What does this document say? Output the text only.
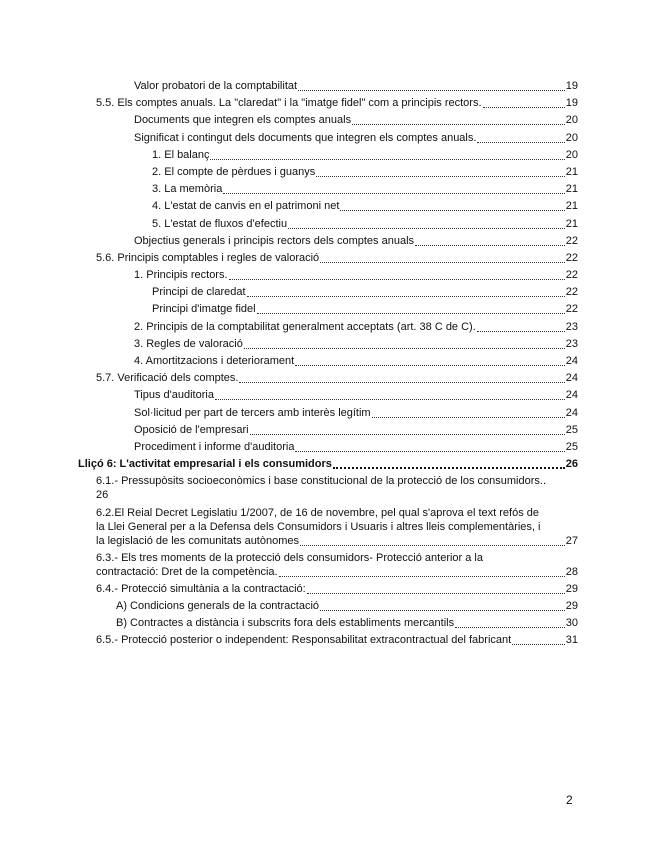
Valor probatori de la comptabilitat	19
5.5. Els comptes anuals. La "claredat" i la "imatge fidel" com a principis rectors.	19
Documents que integren els comptes anuals	20
Significat i contingut dels documents que integren els comptes anuals.	20
1. El balanç	20
2. El compte de pèrdues i guanys	21
3. La memòria	21
4. L'estat de canvis en el patrimoni net	21
5. L'estat de fluxos d'efectiu	21
Objectius generals i principis rectors dels comptes anuals	22
5.6. Principis comptables i regles de valoració	22
1. Principis rectors.	22
Principi de claredat	22
Principi d'imatge fidel	22
2. Principis de la comptabilitat generalment acceptats (art. 38 C de C).	23
3. Regles de valoració	23
4. Amortitzacions i deteriorament	24
5.7. Verificació dels comptes.	24
Tipus d'auditoria	24
Sol·licitud per part de tercers amb interès legítim	24
Oposició de l'empresari	25
Procediment i informe d'auditoria	25
Lliçó 6: L'activitat empresarial i els consumidors	26
6.1.- Pressupòsits socioeconòmics i base constitucional de la protecció de los consumidors..
26
6.2.El Reial Decret Legislatiu 1/2007, de 16 de novembre, pel qual s'aprova el text refós de
la Llei General per a la Defensa dels Consumidors i Usuaris i altres lleis complementàries, i
la legislació de les comunitats autònomes	27
6.3.- Els tres moments de la protecció dels consumidors- Protecció anterior a la
contractació: Dret de la competència.	28
6.4.- Protecció simultània a la contractació:	29
A) Condicions generals de la contractació	29
B) Contractes a distància i subscrits fora dels establiments mercantils	30
6.5.- Protecció posterior o independent: Responsabilitat extracontractual del fabricant	31
2
